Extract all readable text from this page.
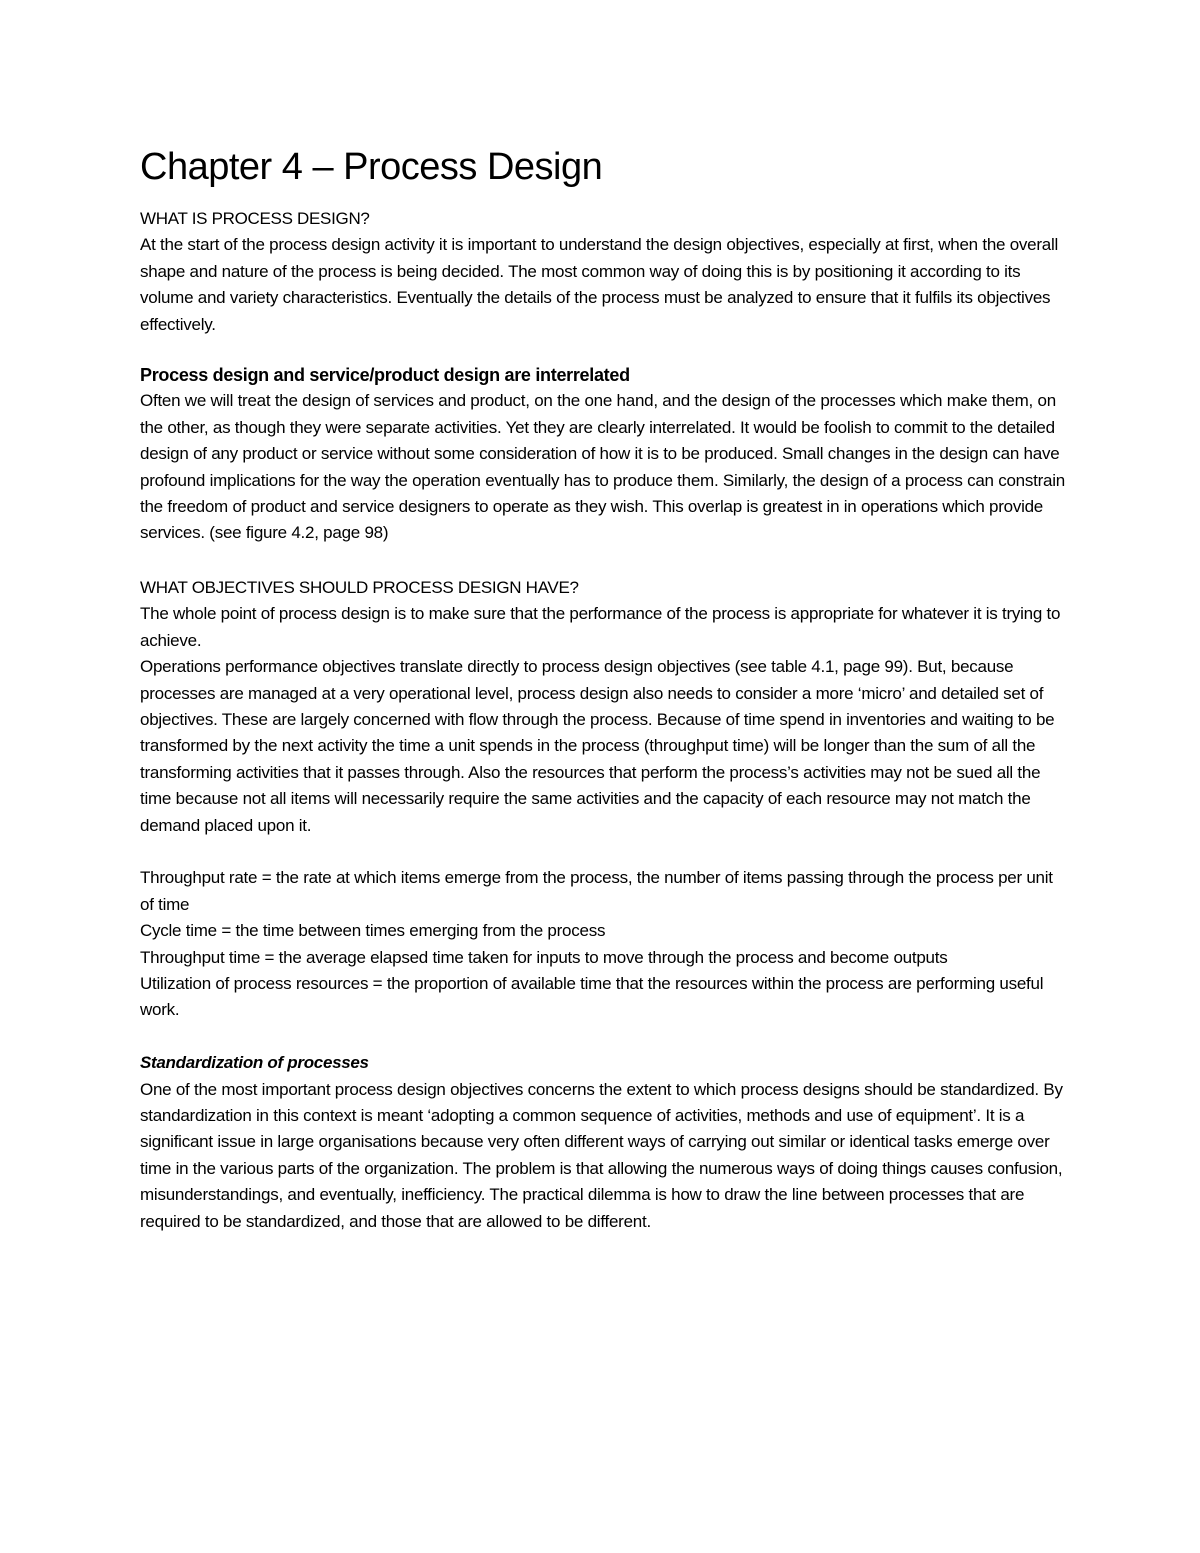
Chapter 4 – Process Design
WHAT IS PROCESS DESIGN?

At the start of the process design activity it is important to understand the design objectives, especially at first, when the overall shape and nature of the process is being decided. The most common way of doing this is by positioning it according to its volume and variety characteristics. Eventually the details of the process must be analyzed to ensure that it fulfils its objectives effectively.

Process design and service/product design are interrelated

Often we will treat the design of services and product, on the one hand, and the design of the processes which make them, on the other, as though they were separate activities. Yet they are clearly interrelated. It would be foolish to commit to the detailed design of any product or service without some consideration of how it is to be produced. Small changes in the design can have profound implications for the way the operation eventually has to produce them. Similarly, the design of a process can constrain the freedom of product and service designers to operate as they wish. This overlap is greatest in in operations which provide services. (see figure 4.2, page 98)

WHAT OBJECTIVES SHOULD PROCESS DESIGN HAVE?

The whole point of process design is to make sure that the performance of the process is appropriate for whatever it is trying to achieve.

Operations performance objectives translate directly to process design objectives (see table 4.1, page 99). But, because processes are managed at a very operational level, process design also needs to consider a more ‘micro’ and detailed set of objectives. These are largely concerned with flow through the process. Because of time spend in inventories and waiting to be transformed by the next activity the time a unit spends in the process (throughput time) will be longer than the sum of all the transforming activities that it passes through. Also the resources that perform the process’s activities may not be sued all the time because not all items will necessarily require the same activities and the capacity of each resource may not match the demand placed upon it.

Throughput rate = the rate at which items emerge from the process, the number of items passing through the process per unit of time

Cycle time = the time between times emerging from the process

Throughput time = the average elapsed time taken for inputs to move through the process and become outputs

Utilization of process resources = the proportion of available time that the resources within the process are performing useful work.

Standardization of processes

One of the most important process design objectives concerns the extent to which process designs should be standardized. By standardization in this context is meant ‘adopting a common sequence of activities, methods and use of equipment’. It is a significant issue in large organisations because very often different ways of carrying out similar or identical tasks emerge over time in the various parts of the organization. The problem is that allowing the numerous ways of doing things causes confusion, misunderstandings, and eventually, inefficiency. The practical dilemma is how to draw the line between processes that are required to be standardized, and those that are allowed to be different.
